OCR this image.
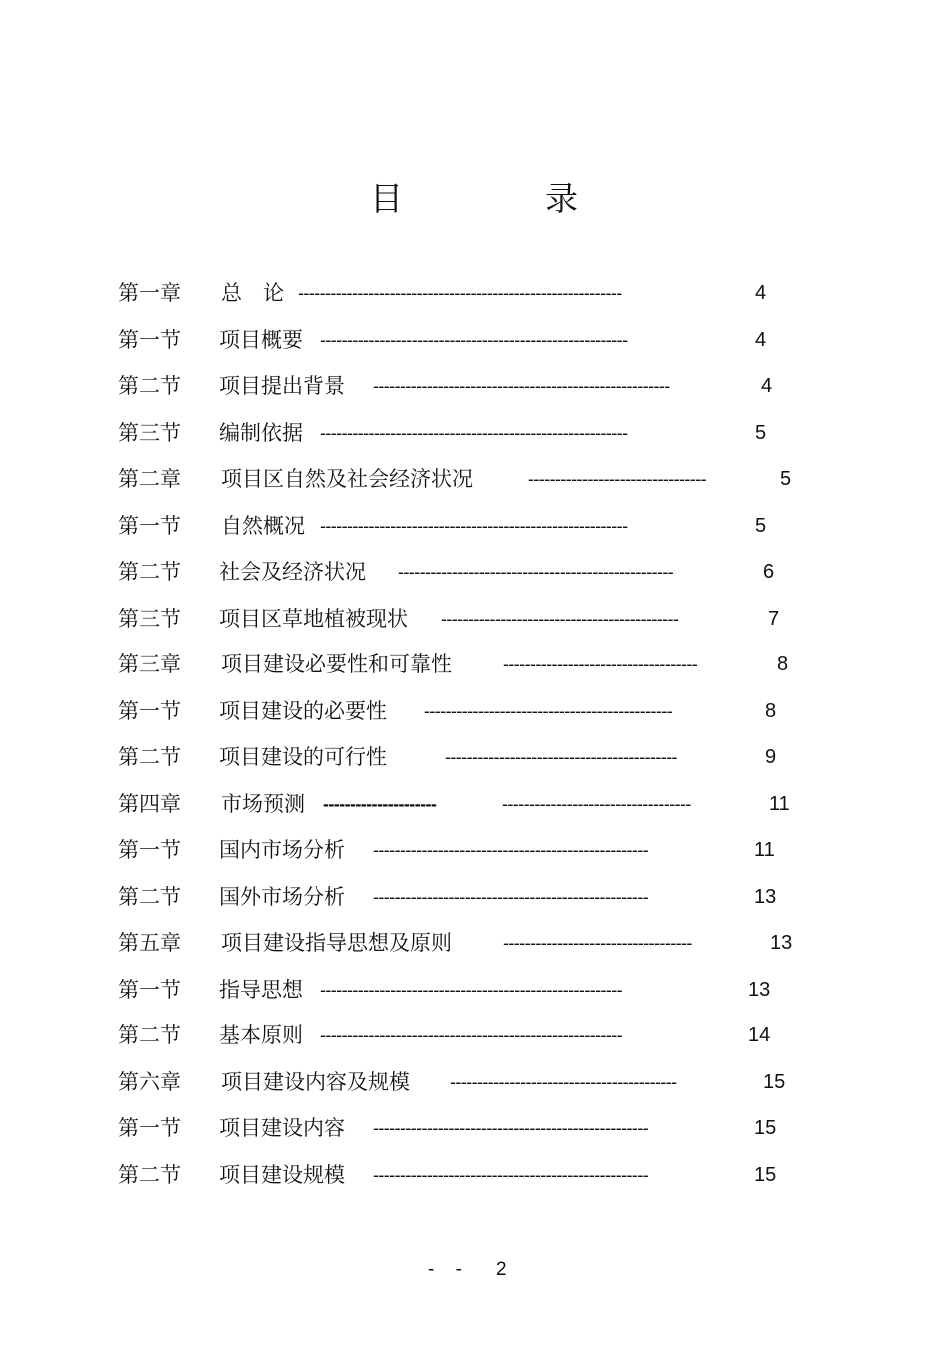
目	录
第一章 总　论 ------------------------------------------------------------	4
第一节 项目概要 ---------------------------------------------------------	4
第二节 项目提出背景 -------------------------------------------------------	4
第三节 编制依据 ---------------------------------------------------------	5
第二章 项目区自然及社会经济状况	---------------------------------	5
第一节 自然概况 ---------------------------------------------------------	5
第二节 社会及经济状况 ---------------------------------------------------	6
第三节 项目区草地植被现状 --------------------------------------------	7
第三章 项目建设必要性和可靠性	------------------------------------	8
第一节 项目建设的必要性 ----------------------------------------------	8
第二节 项目建设的可行性	-------------------------------------------	9
第四章 市场预测 ---------------------	-----------------------------------	11
第一节 国内市场分析 ---------------------------------------------------	11
第二节 国外市场分析 ---------------------------------------------------	13
第五章 项目建设指导思想及原则	-----------------------------------	13
第一节 指导思想 --------------------------------------------------------	13
第二节 基本原则 --------------------------------------------------------	14
第六章 项目建设内容及规模 ------------------------------------------	15
第一节 项目建设内容 ---------------------------------------------------	15
第二节 项目建设规模 ---------------------------------------------------	15
- - 2
